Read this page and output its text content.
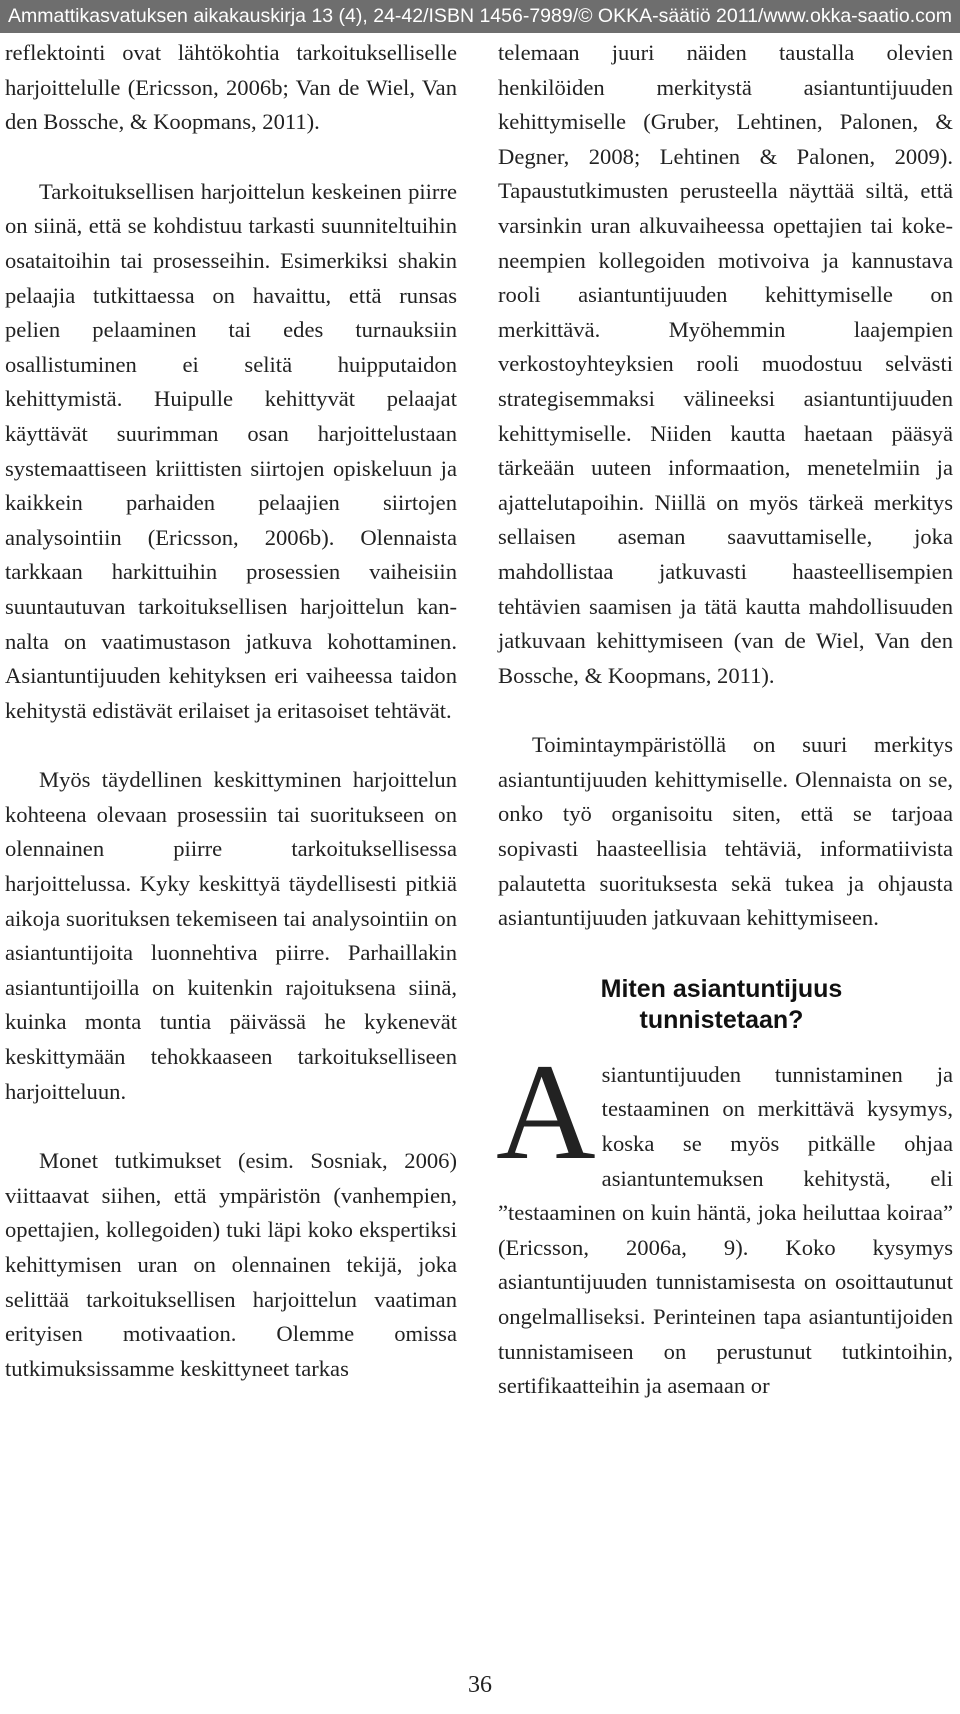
Ammattikasvatuksen aikakauskirja 13 (4), 24-42/ISBN 1456-7989/© OKKA-säätiö 2011/www.okka-saatio.com

reflektointi ovat lähtökohtia tarkoitukselliselle harjoittelulle (Ericsson, 2006b; Van de Wiel, Van den Bossche, & Koopmans, 2011).

Tarkoituksellisen harjoittelun keskeinen piirre on siinä, että se kohdistuu tarkasti suunniteltuihin osataitoihin tai prosesseihin. Esimerkiksi shakin pelaajia tutkittaessa on havaittu, että runsas pelien pelaaminen tai edes turnauksiin osallistuminen ei selitä huipputaidon kehittymistä. Huipulle kehittyvät pelaajat käyttävät suurimman osan harjoittelustaan systemaattiseen kriittisten siirtojen opiskeluun ja kaikkein parhaiden pelaajien siirtojen analysointiin (Ericsson, 2006b). Olennaista tarkkaan harkittuihin prosessien vaiheisiin suuntautuvan tarkoituksellisen harjoittelun kannalta on vaatimustason jatkuva kohottaminen. Asiantuntijuuden kehityksen eri vaiheessa taidon kehitystä edistävät erilaiset ja eritasoiset tehtävät.

Myös täydellinen keskittyminen harjoittelun kohteena olevaan prosessiin tai suoritukseen on olennainen piirre tarkoituksellisessa harjoittelussa. Kyky keskittyä täydellisesti pitkiä aikoja suorituksen tekemiseen tai analysointiin on asiantuntijoita luonnehtiva piirre. Parhaillakin asiantuntijoilla on kuitenkin rajoituksena siinä, kuinka monta tuntia päivässä he kykenevät keskittymään tehokkaaseen tarkoitukselliseen harjoitteluun.

Monet tutkimukset (esim. Sosniak, 2006) viittaavat siihen, että ympäristön (vanhempien, opettajien, kollegoiden) tuki läpi koko ekspertiksi kehittymisen uran on olennainen tekijä, joka selittää tarkoituksellisen harjoittelun vaatiman erityisen motivaation. Olemme omissa tutkimuksissamme keskittyneet tarkas

telemaan juuri näiden taustalla olevien henkilöiden merkitystä asiantuntijuuden kehittymiselle (Gruber, Lehtinen, Palonen, & Degner, 2008; Lehtinen & Palonen, 2009). Tapaustutkimusten perusteella näyttää siltä, että varsinkin uran alkuvaiheessa opettajien tai kokeneempien kollegoiden motivoiva ja kannustava rooli asiantuntijuuden kehittymiselle on merkittävä. Myöhemmin laajempien verkostoyhteyksien rooli muodostuu selvästi strategisemmaksi välineeksi asiantuntijuuden kehittymiselle. Niiden kautta haetaan pääsyä tärkeään uuteen informaation, menetelmiin ja ajattelutapoihin. Niillä on myös tärkeä merkitys sellaisen aseman saavuttamiselle, joka mahdollistaa jatkuvasti haasteellisempien tehtävien saamisen ja tätä kautta mahdollisuuden jatkuvaan kehittymiseen (van de Wiel, Van den Bossche, & Koopmans, 2011).

Toimintaympäristöllä on suuri merkitys asiantuntijuuden kehittymiselle. Olennaista on se, onko työ organisoitu siten, että se tarjoaa sopivasti haasteellisia tehtäviä, informatiivista palautetta suorituksesta sekä tukea ja ohjausta asiantuntijuuden jatkuvaan kehittymiseen.

Miten asiantuntijuus
tunnistetaan?
A siantuntijuuden tunnistaminen ja testaaminen on merkittävä kysymys, koska se myös pitkälle ohjaa asiantuntemuksen kehitystä, eli ”testaaminen on kuin häntä, joka heiluttaa koiraa” (Ericsson, 2006a, 9). Koko kysymys asiantuntijuuden tunnistamisesta on osoittautunut ongelmalliseksi. Perinteinen tapa asiantuntijoiden tunnistamiseen on perustunut tutkintoihin, sertifikaatteihin ja asemaan or

36
